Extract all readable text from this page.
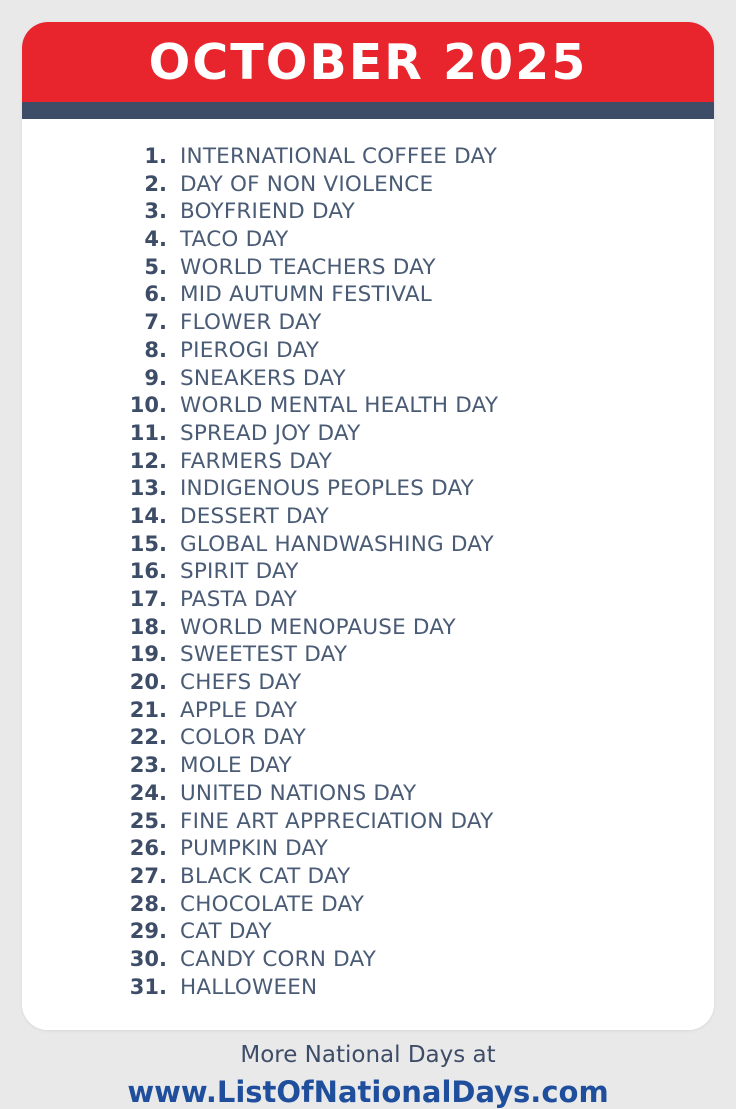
OCTOBER 2025
1. INTERNATIONAL COFFEE DAY
2. DAY OF NON VIOLENCE
3. BOYFRIEND DAY
4. TACO DAY
5. WORLD TEACHERS DAY
6. MID AUTUMN FESTIVAL
7. FLOWER DAY
8. PIEROGI DAY
9. SNEAKERS DAY
10. WORLD MENTAL HEALTH DAY
11. SPREAD JOY DAY
12. FARMERS DAY
13. INDIGENOUS PEOPLES DAY
14. DESSERT DAY
15. GLOBAL HANDWASHING DAY
16. SPIRIT DAY
17. PASTA DAY
18. WORLD MENOPAUSE DAY
19. SWEETEST DAY
20. CHEFS DAY
21. APPLE DAY
22. COLOR DAY
23. MOLE DAY
24. UNITED NATIONS DAY
25. FINE ART APPRECIATION DAY
26. PUMPKIN DAY
27. BLACK CAT DAY
28. CHOCOLATE DAY
29. CAT DAY
30. CANDY CORN DAY
31. HALLOWEEN
More National Days at
www.ListOfNationalDays.com
